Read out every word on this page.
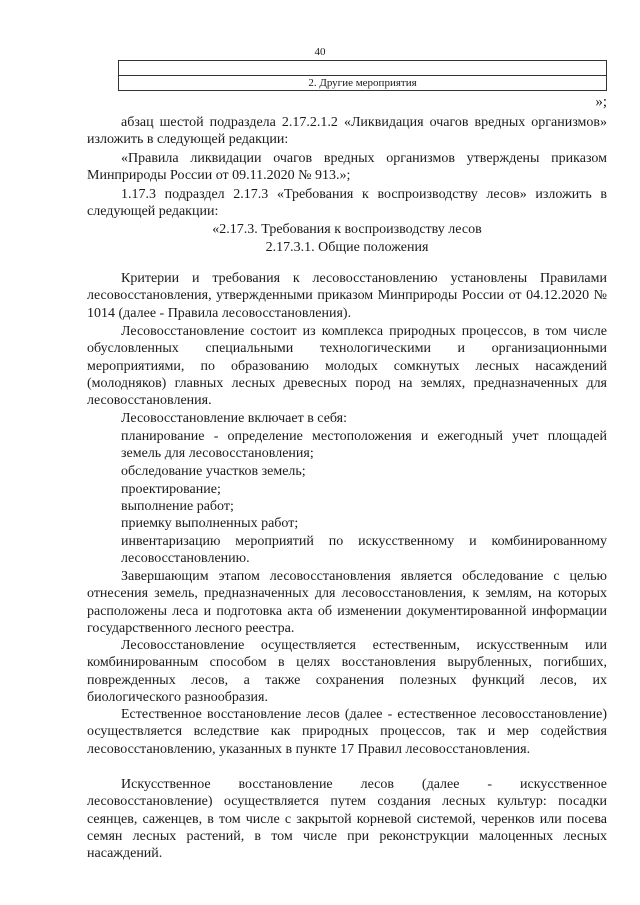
40

2. Другие мероприятия
»;

абзац шестой подраздела 2.17.2.1.2 «Ликвидация очагов вредных организмов» изложить в следующей редакции:

«Правила ликвидации очагов вредных организмов утверждены приказом Минприроды России от 09.11.2020 № 913.»;

1.17.3 подраздел 2.17.3 «Требования к воспроизводству лесов» изложить в следующей редакции:

«2.17.3. Требования к воспроизводству лесов

2.17.3.1. Общие положения

Критерии и требования к лесовосстановлению установлены Правилами лесовосстановления, утвержденными приказом Минприроды России от 04.12.2020 № 1014 (далее - Правила лесовосстановления).

Лесовосстановление состоит из комплекса природных процессов, в том числе обусловленных специальными технологическими и организационными мероприятиями, по образованию молодых сомкнутых лесных насаждений (молодняков) главных лесных древесных пород на землях, предназначенных для лесовосстановления.

Лесовосстановление включает в себя:

планирование - определение местоположения и ежегодный учет площадей земель для лесовосстановления;

обследование участков земель;

проектирование;

выполнение работ;

приемку выполненных работ;

инвентаризацию мероприятий по искусственному и комбинированному лесовосстановлению.

Завершающим этапом лесовосстановления является обследование с целью отнесения земель, предназначенных для лесовосстановления, к землям, на которых расположены леса и подготовка акта об изменении документированной информации государственного лесного реестра.

Лесовосстановление осуществляется естественным, искусственным или комбинированным способом в целях восстановления вырубленных, погибших, поврежденных лесов, а также сохранения полезных функций лесов, их биологического разнообразия.

Естественное восстановление лесов (далее - естественное лесовосстановление) осуществляется вследствие как природных процессов, так и мер содействия лесовосстановлению, указанных в пункте 17 Правил лесовосстановления.

Искусственное восстановление лесов (далее - искусственное лесовосстановление) осуществляется путем создания лесных культур: посадки сеянцев, саженцев, в том числе с закрытой корневой системой, черенков или посева семян лесных растений, в том числе при реконструкции малоценных лесных насаждений.
